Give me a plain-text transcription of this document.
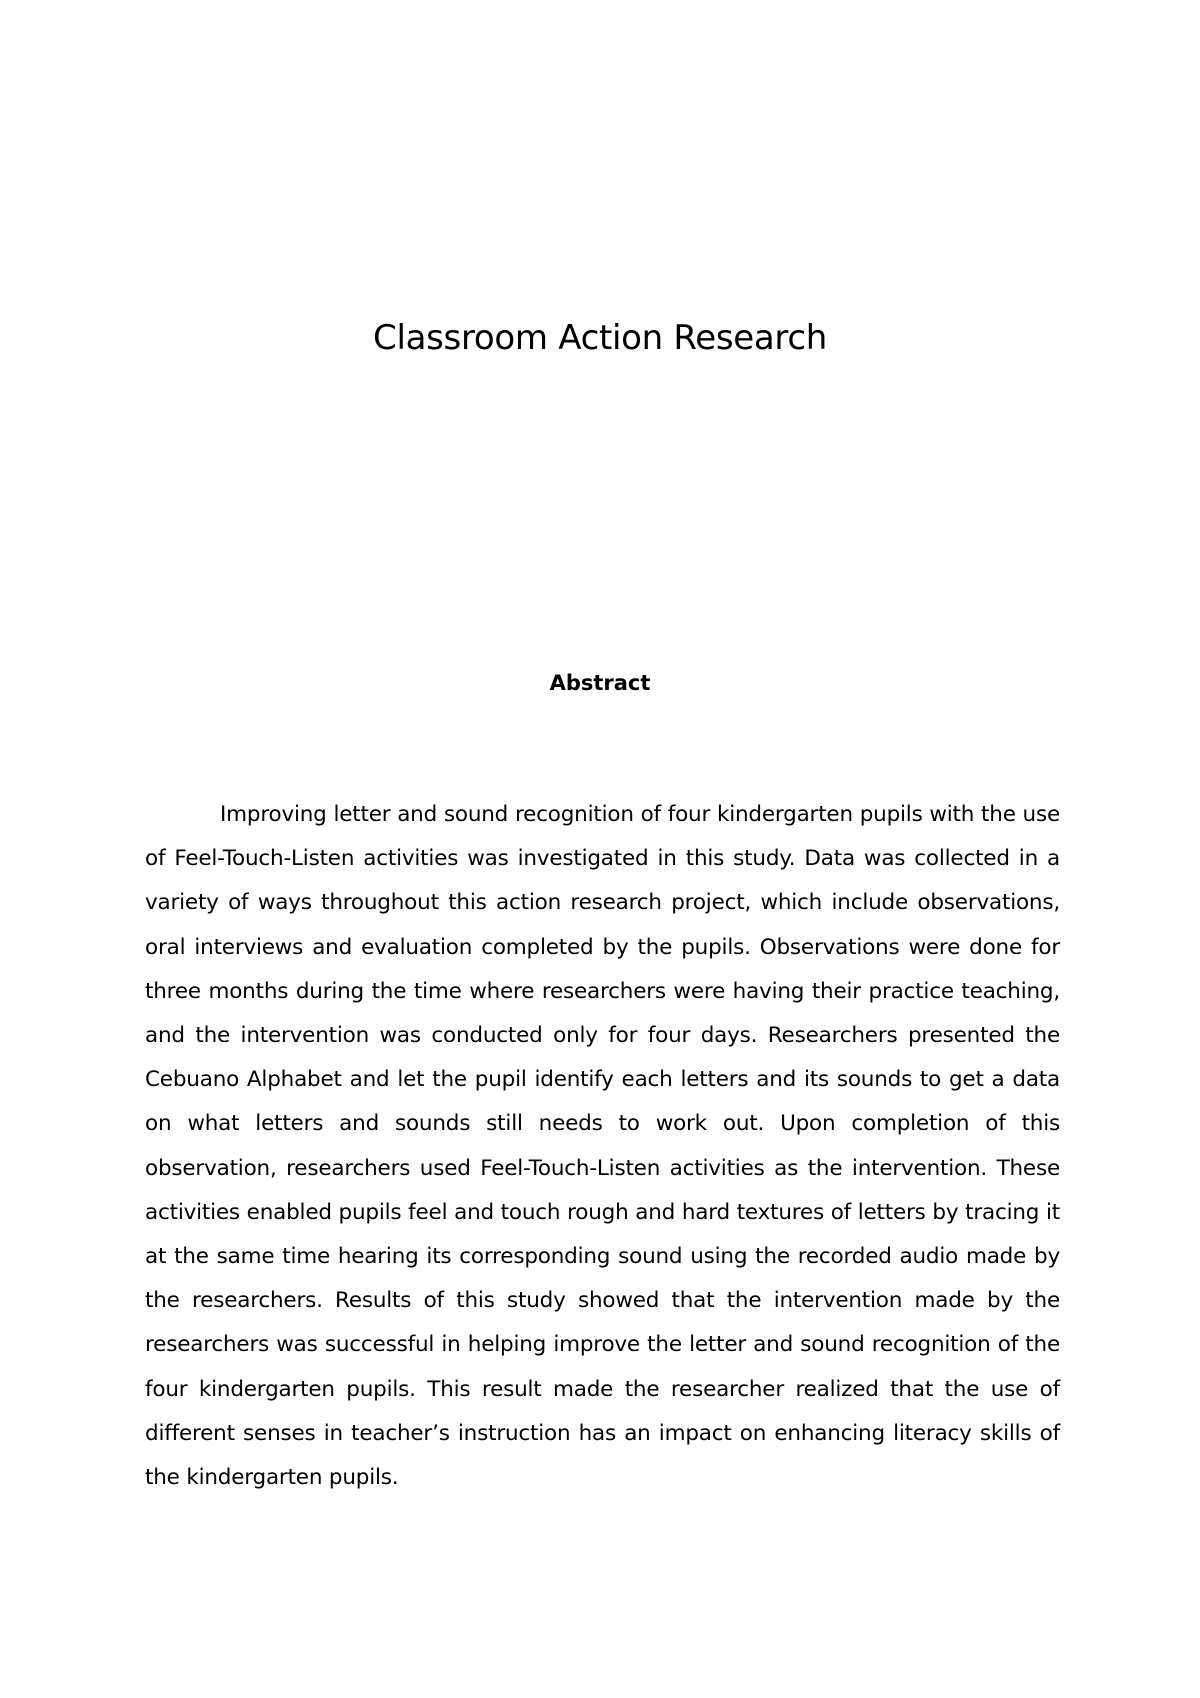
Classroom Action Research
Abstract

Improving letter and sound recognition of four kindergarten pupils with the use of Feel-Touch-Listen activities was investigated in this study. Data was collected in a variety of ways throughout this action research project, which include observations, oral interviews and evaluation completed by the pupils. Observations were done for three months during the time where researchers were having their practice teaching, and the intervention was conducted only for four days. Researchers presented the Cebuano Alphabet and let the pupil identify each letters and its sounds to get a data on what letters and sounds still needs to work out. Upon completion of this observation, researchers used Feel-Touch-Listen activities as the intervention. These activities enabled pupils feel and touch rough and hard textures of letters by tracing it at the same time hearing its corresponding sound using the recorded audio made by the researchers. Results of this study showed that the intervention made by the researchers was successful in helping improve the letter and sound recognition of the four kindergarten pupils. This result made the researcher realized that the use of different senses in teacher’s instruction has an impact on enhancing literacy skills of the kindergarten pupils.
